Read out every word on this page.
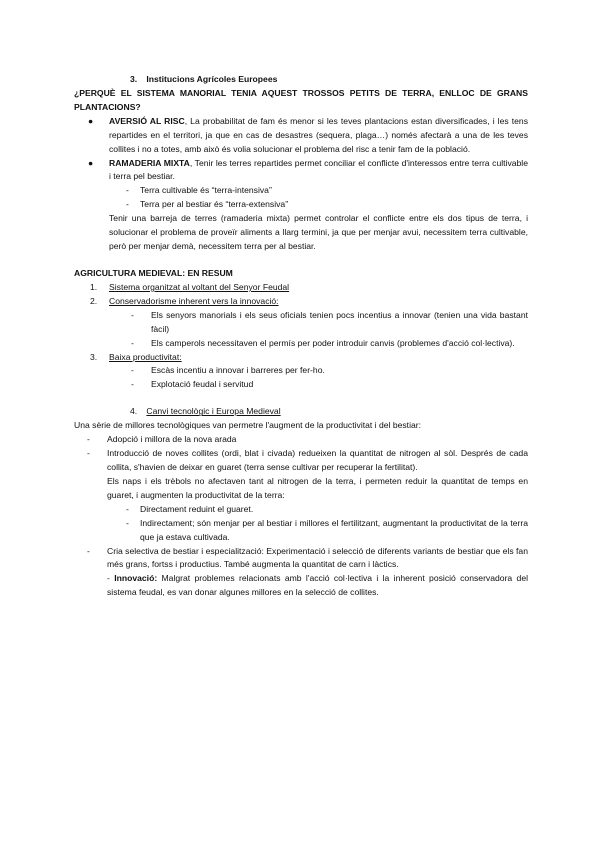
3. Institucions Agrícoles Europees

¿PERQUÈ EL SISTEMA MANORIAL TENIA AQUEST TROSSOS PETITS DE TERRA, ENLLOC DE GRANS PLANTACIONS?

●	AVERSIÓ AL RISC, La probabilitat de fam és menor si les teves plantacions estan diversificades, i les tens repartides en el territori, ja que en cas de desastres (sequera, plaga…) només afectarà a una de les teves collites i no a totes, amb això és volia solucionar el problema del risc a tenir fam de la població.

●	RAMADERIA MIXTA, Tenir les terres repartides permet conciliar el conflicte d'interessos entre terra cultivable i terra pel bestiar.

-	Terra cultivable és “terra-intensiva”

-	Terra per al bestiar és “terra-extensiva”

Tenir una barreja de terres (ramaderia mixta) permet controlar el conflicte entre els dos tipus de terra, i solucionar el problema de proveïr aliments a llarg termini, ja que per menjar avui, necessitem terra cultivable, però per menjar demà, necessitem terra per al bestiar.

AGRICULTURA MEDIEVAL: EN RESUM

1.	Sistema organitzat al voltant del Senyor Feudal

2.	Conservadorisme inherent vers la innovació:

-	Els senyors manorials i els seus oficials tenien pocs incentius a innovar (tenien una vida bastant fàcil)

-	Els camperols necessitaven el permís per poder introduir canvis (problemes d'acció col·lectiva).

3.	Baixa productivitat:

-	Escàs incentiu a innovar i barreres per fer-ho.

-	Explotació feudal i servitud

4. Canvi tecnològic i Europa Medieval

Una sèrie de millores tecnològiques van permetre l'augment de la productivitat i del bestiar:

-	Adopció i millora de la nova arada

-	Introducció de noves collites (ordi, blat i civada) redueixen la quantitat de nitrogen al sòl. Després de cada collita, s'havien de deixar en guaret (terra sense cultivar per recuperar la fertilitat).

Els naps i els trèbols no afectaven tant al nitrogen de la terra, i permeten reduir la quantitat de temps en guaret, i augmenten la productivitat de la terra:

-	Directament reduint el guaret.

-	Indirectament; són menjar per al bestiar i millores el fertilitzant, augmentant la productivitat de la terra que ja estava cultivada.

-	Cria selectiva de bestiar i especialització: Experimentació i selecció de diferents variants de bestiar que els fan més grans, fortss i productius. També augmenta la quantitat de carn i làctics.

- Innovació: Malgrat problemes relacionats amb l'acció col·lectiva i la inherent posició conservadora del sistema feudal, es van donar algunes millores en la selecció de collites.
